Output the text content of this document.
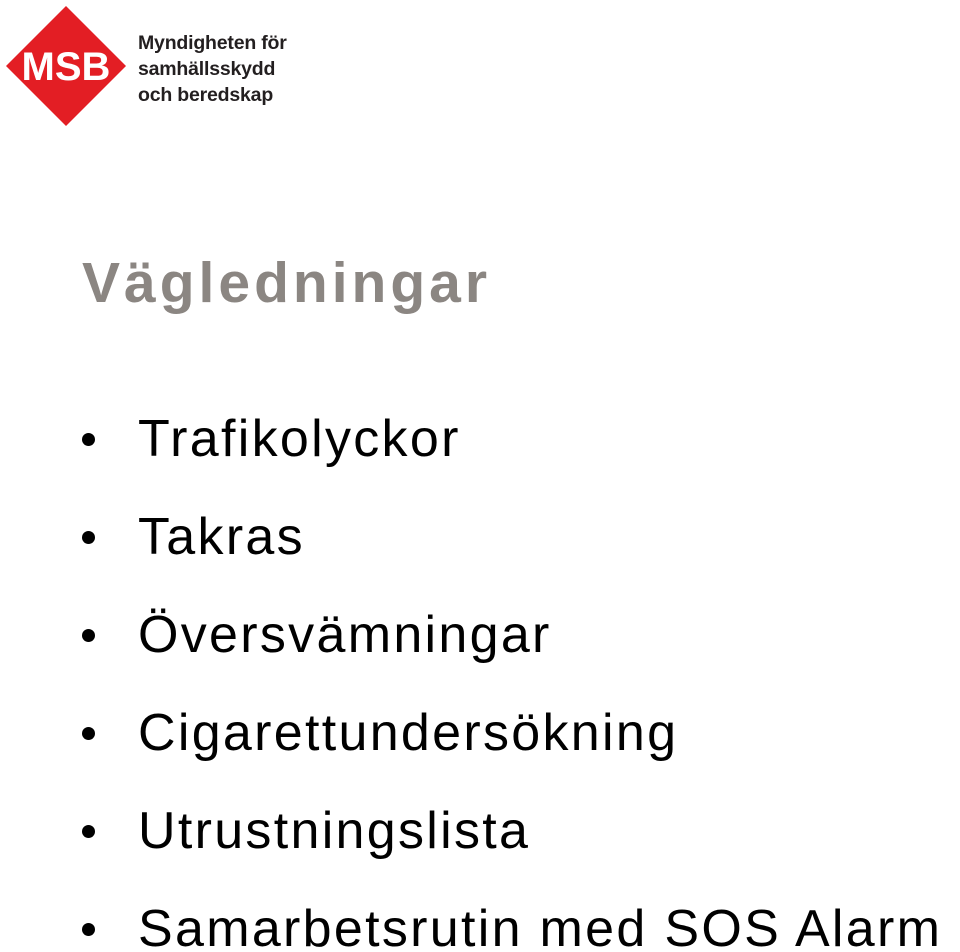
MSB
Myndigheten för
samhällsskydd
och beredskap
Vägledningar
Trafikolyckor
Takras
Översvämningar
Cigarettundersökning
Utrustningslista
Samarbetsrutin med SOS Alarm
